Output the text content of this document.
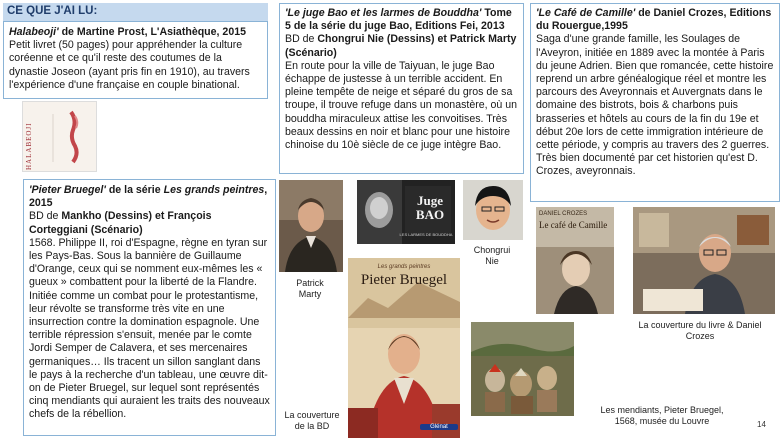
CE QUE J'AI LU:

Halabeoji' de Martine Prost, L'Asiathèque, 2015

Petit livret (50 pages) pour appréhender la culture coréenne et ce qu'il reste des coutumes de la dynastie Joseon (ayant pris fin en 1910), au travers l'expérience d'une française en couple binational.

HALABEOJI

'Pieter Bruegel' de la série Les grands peintres, 2015

BD de Mankho (Dessins) et François Corteggiani (Scénario)

1568. Philippe II, roi d'Espagne, règne en tyran sur les Pays-Bas. Sous la bannière de Guillaume d'Orange, ceux qui se nomment eux-mêmes les « gueux » combattent pour la liberté de la Flandre. Initiée comme un combat pour le protestantisme, leur révolte se transforme très vite en une insurrection contre la domination espagnole. Une terrible répression s'ensuit, menée par le comte Jordi Semper de Calavera, et ses mercenaires germaniques… Ils tracent un sillon sanglant dans le pays à la recherche d'un tableau, une œuvre dit-on de Pieter Bruegel, sur lequel sont représentés cinq mendiants qui auraient les traits des nouveaux chefs de la rébellion.

'Le juge Bao et les larmes de Bouddha' Tome 5 de la série du juge Bao, Editions Fei, 2013

BD de Chongrui Nie (Dessins) et Patrick Marty (Scénario)

En route pour la ville de Taiyuan, le juge Bao échappe de justesse à un terrible accident. En pleine tempête de neige et séparé du gros de sa troupe, il trouve refuge dans un monastère, où un bouddha miraculeux attise les convoitises. Très beaux dessins en noir et blanc pour une histoire chinoise du 10è siècle de ce juge intègre Bao.

'Le Café de Camille' de Daniel Crozes, Editions du Rouergue,1995

Saga d'une grande famille, les Soulages de l'Aveyron, initiée en 1889 avec la montée à Paris du jeune Adrien. Bien que romancée, cette histoire reprend un arbre généalogique réel et montre les parcours des Aveyronnais et Auvergnats dans le domaine des bistrots, bois & charbons puis brasseries et hôtels au cours de la fin du 19e et début 20e lors de cette immigration intérieure de cette période, y compris au travers des 2 guerres.

Très bien documenté par cet historien qu'est D. Crozes, aveyronnais.

Patrick Marty
Juge BAO
LES LARMES DE BOUDDHA
Chongrui Nie
DANIEL CROZES
Le café de Camille
La couverture du livre & Daniel Crozes
Les grands peintres
Pieter Bruegel
Glénat
La couverture de la BD
Les mendiants, Pieter Bruegel, 1568, musée du Louvre	14
